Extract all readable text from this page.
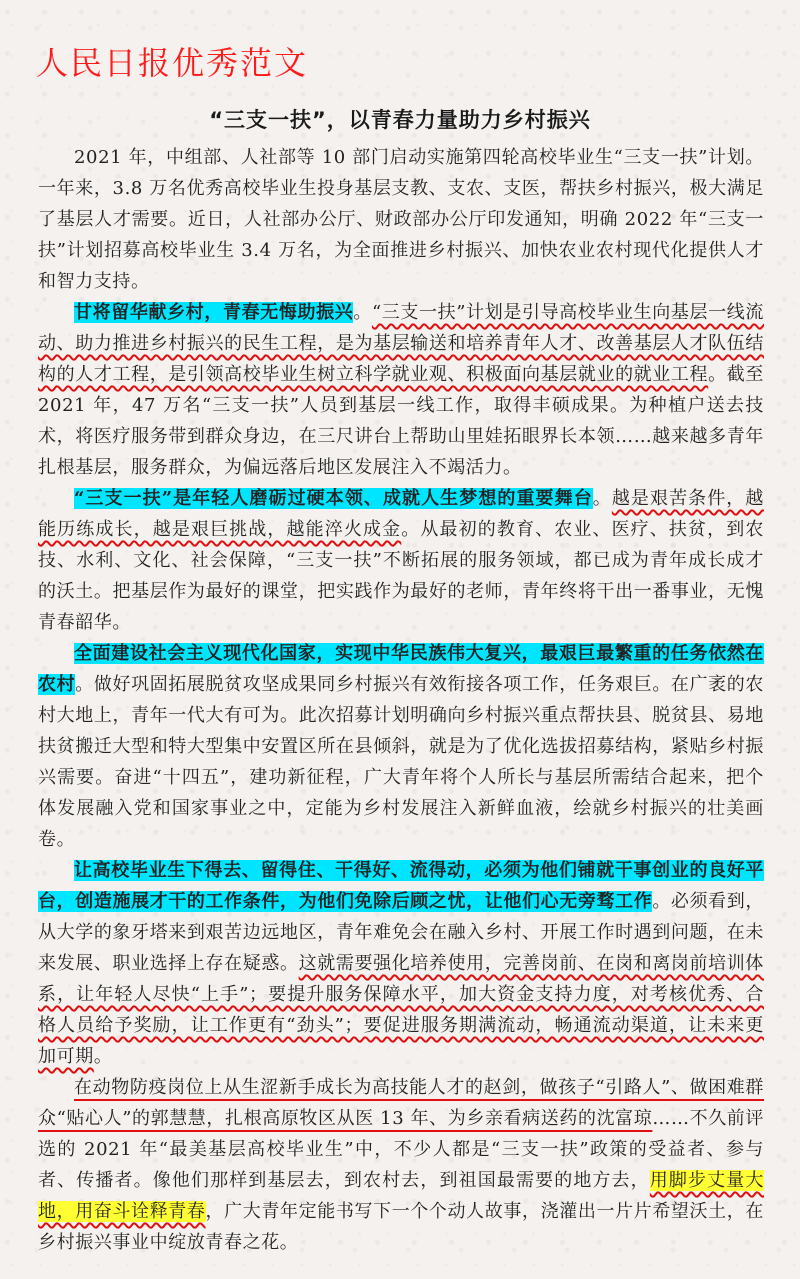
人民日报优秀范文
“三支一扶”，以青春力量助力乡村振兴

2021 年，中组部、人社部等 10 部门启动实施第四轮高校毕业生“三支一扶”计划。一年来，3.8 万名优秀高校毕业生投身基层支教、支农、支医，帮扶乡村振兴，极大满足了基层人才需要。近日，人社部办公厅、财政部办公厅印发通知，明确 2022 年“三支一扶”计划招募高校毕业生 3.4 万名，为全面推进乡村振兴、加快农业农村现代化提供人才和智力支持。

甘将留华献乡村，青春无悔助振兴。“三支一扶”计划是引导高校毕业生向基层一线流动、助力推进乡村振兴的民生工程，是为基层输送和培养青年人才、改善基层人才队伍结构的人才工程，是引领高校毕业生树立科学就业观、积极面向基层就业的就业工程。截至 2021 年，47 万名“三支一扶”人员到基层一线工作，取得丰硕成果。为种植户送去技术，将医疗服务带到群众身边，在三尺讲台上帮助山里娃拓眼界长本领……越来越多青年扎根基层，服务群众，为偏远落后地区发展注入不竭活力。

“三支一扶”是年轻人磨砺过硬本领、成就人生梦想的重要舞台。越是艰苦条件，越能历练成长，越是艰巨挑战，越能淬火成金。从最初的教育、农业、医疗、扶贫，到农技、水利、文化、社会保障，“三支一扶”不断拓展的服务领域，都已成为青年成长成才的沃土。把基层作为最好的课堂，把实践作为最好的老师，青年终将干出一番事业，无愧青春韶华。

全面建设社会主义现代化国家，实现中华民族伟大复兴，最艰巨最繁重的任务依然在农村。做好巩固拓展脱贫攻坚成果同乡村振兴有效衔接各项工作，任务艰巨。在广袤的农村大地上，青年一代大有可为。此次招募计划明确向乡村振兴重点帮扶县、脱贫县、易地扶贫搬迁大型和特大型集中安置区所在县倾斜，就是为了优化选拔招募结构，紧贴乡村振兴需要。奋进“十四五”，建功新征程，广大青年将个人所长与基层所需结合起来，把个体发展融入党和国家事业之中，定能为乡村发展注入新鲜血液，绘就乡村振兴的壮美画卷。

让高校毕业生下得去、留得住、干得好、流得动，必须为他们铺就干事创业的良好平台，创造施展才干的工作条件，为他们免除后顾之忧，让他们心无旁骛工作。必须看到，从大学的象牙塔来到艰苦边远地区，青年难免会在融入乡村、开展工作时遇到问题，在未来发展、职业选择上存在疑惑。这就需要强化培养使用，完善岗前、在岗和离岗前培训体系，让年轻人尽快“上手”；要提升服务保障水平，加大资金支持力度，对考核优秀、合格人员给予奖励，让工作更有“劲头”；要促进服务期满流动，畅通流动渠道，让未来更加可期。

在动物防疫岗位上从生涩新手成长为高技能人才的赵剑，做孩子“引路人”、做困难群众“贴心人”的郭慧慧，扎根高原牧区从医 13 年、为乡亲看病送药的沈富琼……不久前评选的 2021 年“最美基层高校毕业生”中，不少人都是“三支一扶”政策的受益者、参与者、传播者。像他们那样到基层去，到农村去，到祖国最需要的地方去，用脚步丈量大地，用奋斗诠释青春，广大青年定能书写下一个个动人故事，浇灌出一片片希望沃土，在乡村振兴事业中绽放青春之花。
